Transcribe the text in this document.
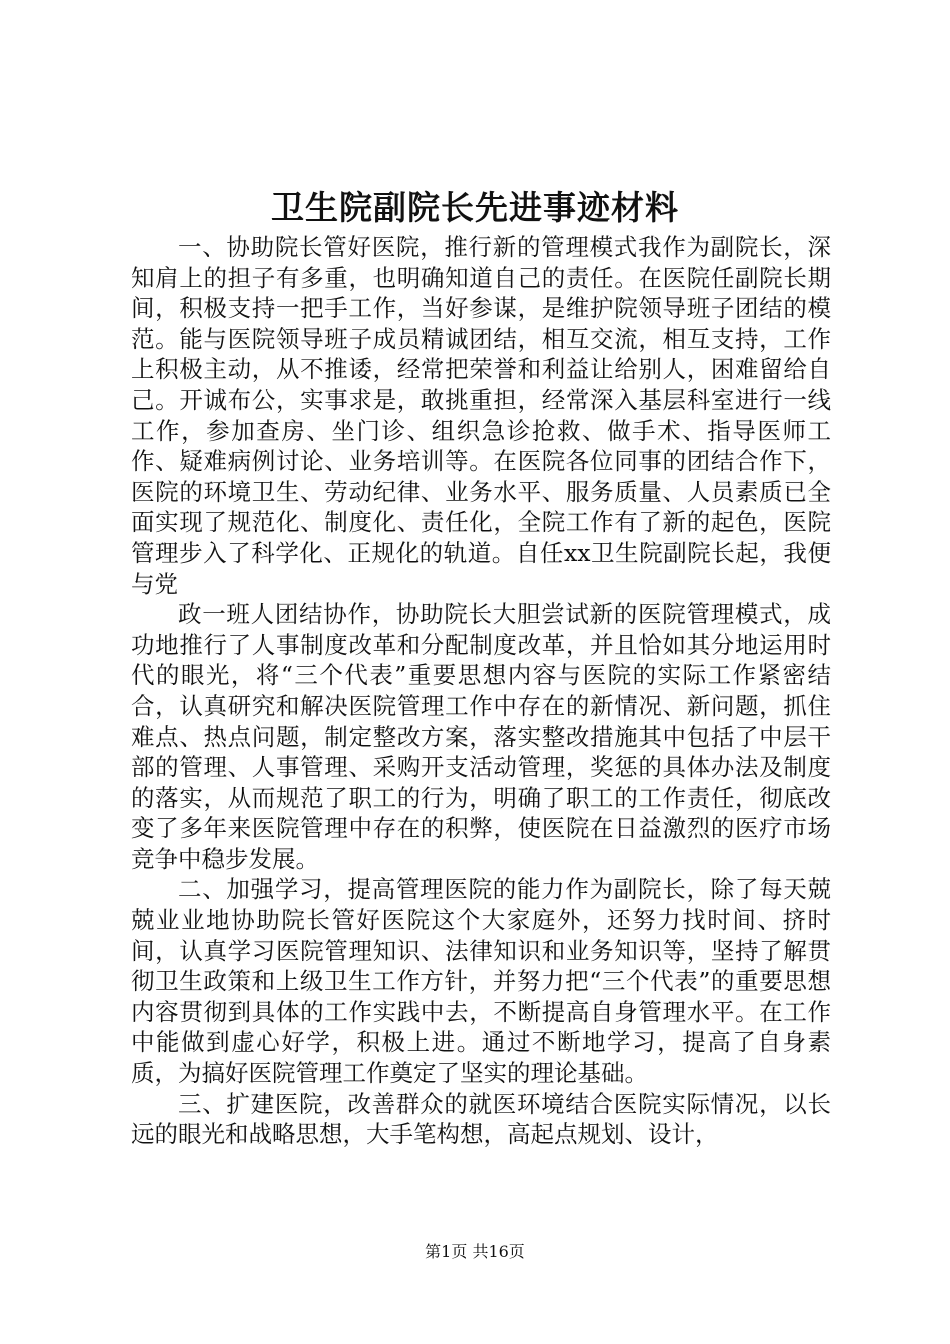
卫生院副院长先进事迹材料

一、协助院长管好医院，推行新的管理模式我作为副院长，深知肩上的担子有多重，也明确知道自己的责任。在医院任副院长期间，积极支持一把手工作，当好参谋，是维护院领导班子团结的模范。能与医院领导班子成员精诚团结，相互交流，相互支持，工作上积极主动，从不推诿，经常把荣誉和利益让给别人，困难留给自己。开诚布公，实事求是，敢挑重担，经常深入基层科室进行一线工作，参加查房、坐门诊、组织急诊抢救、做手术、指导医师工作、疑难病例讨论、业务培训等。在医院各位同事的团结合作下，医院的环境卫生、劳动纪律、业务水平、服务质量、人员素质已全面实现了规范化、制度化、责任化，全院工作有了新的起色，医院管理步入了科学化、正规化的轨道。自任xx卫生院副院长起，我便与党

政一班人团结协作，协助院长大胆尝试新的医院管理模式，成功地推行了人事制度改革和分配制度改革，并且恰如其分地运用时代的眼光，将“三个代表”重要思想内容与医院的实际工作紧密结合，认真研究和解决医院管理工作中存在的新情况、新问题，抓住难点、热点问题，制定整改方案，落实整改措施其中包括了中层干部的管理、人事管理、采购开支活动管理，奖惩的具体办法及制度的落实，从而规范了职工的行为，明确了职工的工作责任，彻底改变了多年来医院管理中存在的积弊，使医院在日益激烈的医疗市场竞争中稳步发展。

二、加强学习，提高管理医院的能力作为副院长，除了每天兢兢业业地协助院长管好医院这个大家庭外，还努力找时间、挤时间，认真学习医院管理知识、法律知识和业务知识等，坚持了解贯彻卫生政策和上级卫生工作方针，并努力把“三个代表”的重要思想内容贯彻到具体的工作实践中去，不断提高自身管理水平。在工作中能做到虚心好学，积极上进。通过不断地学习，提高了自身素质，为搞好医院管理工作奠定了坚实的理论基础。

三、扩建医院，改善群众的就医环境结合医院实际情况，以长远的眼光和战略思想，大手笔构想，高起点规划、设计，

第1页 共16页
